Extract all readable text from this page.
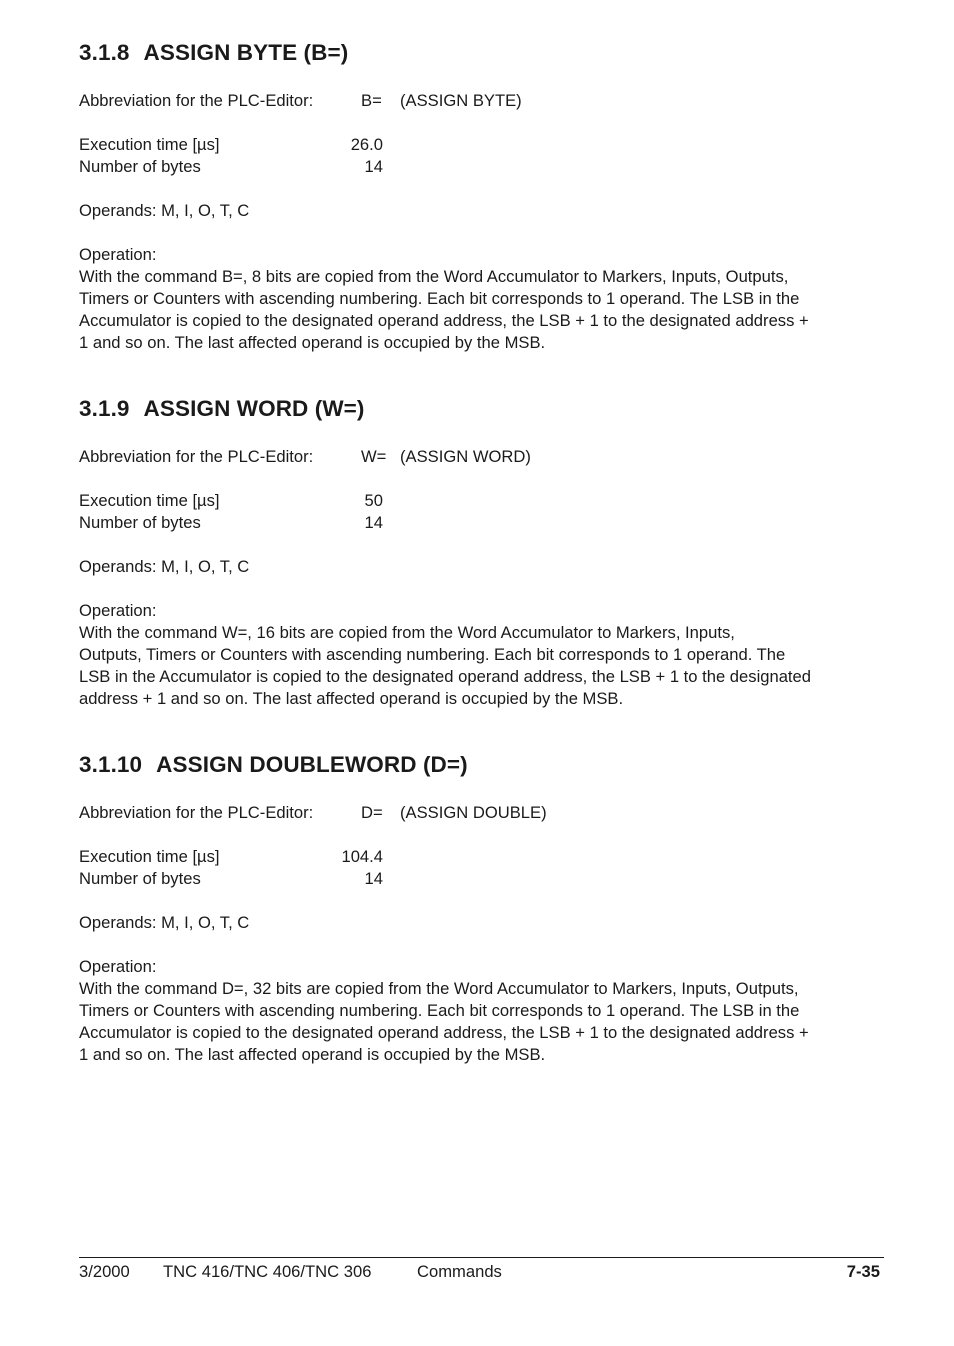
3.1.8 ASSIGN BYTE (B=)
Abbreviation for the PLC-Editor:	B= (ASSIGN BYTE)
Execution time [µs]	26.0
Number of bytes	14
Operands: M, I, O, T, C
Operation:
With the command B=, 8 bits are copied from the Word Accumulator to Markers, Inputs, Outputs,
Timers or Counters with ascending numbering. Each bit corresponds to 1 operand. The LSB in the
Accumulator is copied to the designated operand address, the LSB + 1 to the designated address +
1 and so on. The last affected operand is occupied by the MSB.
3.1.9 ASSIGN WORD (W=)
Abbreviation for the PLC-Editor:	W= (ASSIGN WORD)
Execution time [µs]	50
Number of bytes	14
Operands: M, I, O, T, C
Operation:
With the command W=, 16 bits are copied from the Word Accumulator to Markers, Inputs,
Outputs, Timers or Counters with ascending numbering. Each bit corresponds to 1 operand. The
LSB in the Accumulator is copied to the designated operand address, the LSB + 1 to the designated
address + 1 and so on. The last affected operand is occupied by the MSB.
3.1.10 ASSIGN DOUBLEWORD (D=)
Abbreviation for the PLC-Editor:	D= (ASSIGN DOUBLE)
Execution time [µs]	104.4
Number of bytes	14
Operands: M, I, O, T, C
Operation:
With the command D=, 32 bits are copied from the Word Accumulator to Markers, Inputs, Outputs,
Timers or Counters with ascending numbering. Each bit corresponds to 1 operand. The LSB in the
Accumulator is copied to the designated operand address, the LSB + 1 to the designated address +
1 and so on. The last affected operand is occupied by the MSB.
3/2000 TNC 416/TNC 406/TNC 306	Commands	7-35
